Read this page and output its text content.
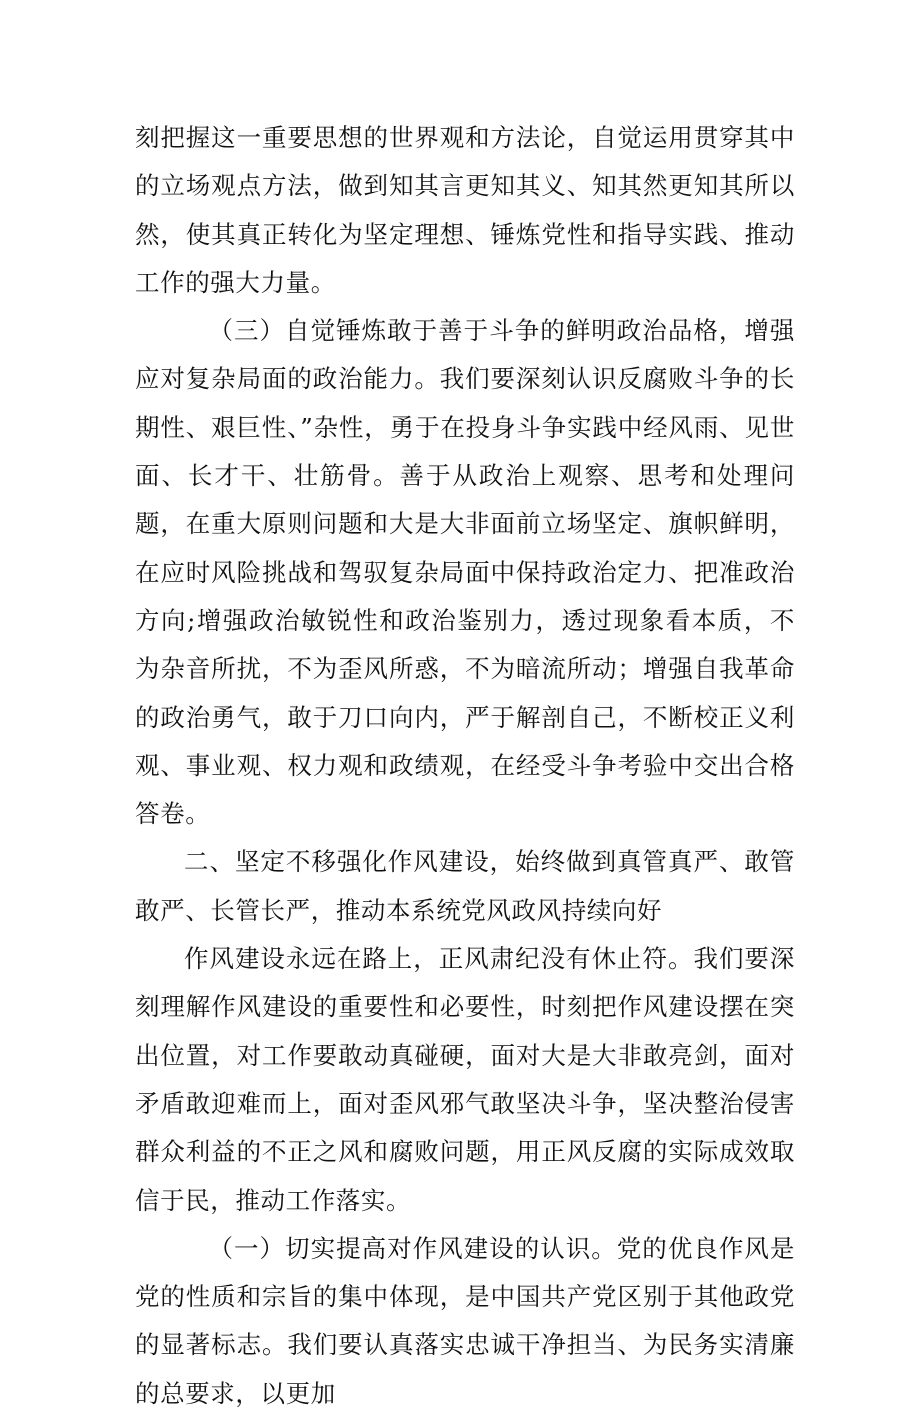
刻把握这一重要思想的世界观和方法论，自觉运用贯穿其中的立场观点方法，做到知其言更知其义、知其然更知其所以然，使其真正转化为坚定理想、锤炼党性和指导实践、推动工作的强大力量。

（三）自觉锤炼敢于善于斗争的鲜明政治品格，增强应对复杂局面的政治能力。我们要深刻认识反腐败斗争的长期性、艰巨性、”杂性，勇于在投身斗争实践中经风雨、见世面、长才干、壮筋骨。善于从政治上观察、思考和处理问题，在重大原则问题和大是大非面前立场坚定、旗帜鲜明，在应时风险挑战和驾驭复杂局面中保持政治定力、把准政治方向;增强政治敏锐性和政治鉴别力，透过现象看本质，不为杂音所扰，不为歪风所惑，不为暗流所动；增强自我革命的政治勇气，敢于刀口向内，严于解剖自己，不断校正义利观、事业观、权力观和政绩观，在经受斗争考验中交出合格答卷。

二、坚定不移强化作风建设，始终做到真管真严、敢管敢严、长管长严，推动本系统党风政风持续向好

作风建设永远在路上，正风肃纪没有休止符。我们要深刻理解作风建设的重要性和必要性，时刻把作风建设摆在突出位置，对工作要敢动真碰硬，面对大是大非敢亮剑，面对矛盾敢迎难而上，面对歪风邪气敢坚决斗争，坚决整治侵害群众利益的不正之风和腐败问题，用正风反腐的实际成效取信于民，推动工作落实。

（一）切实提高对作风建设的认识。党的优良作风是党的性质和宗旨的集中体现，是中国共产党区别于其他政党的显著标志。我们要认真落实忠诚干净担当、为民务实清廉的总要求，以更加
